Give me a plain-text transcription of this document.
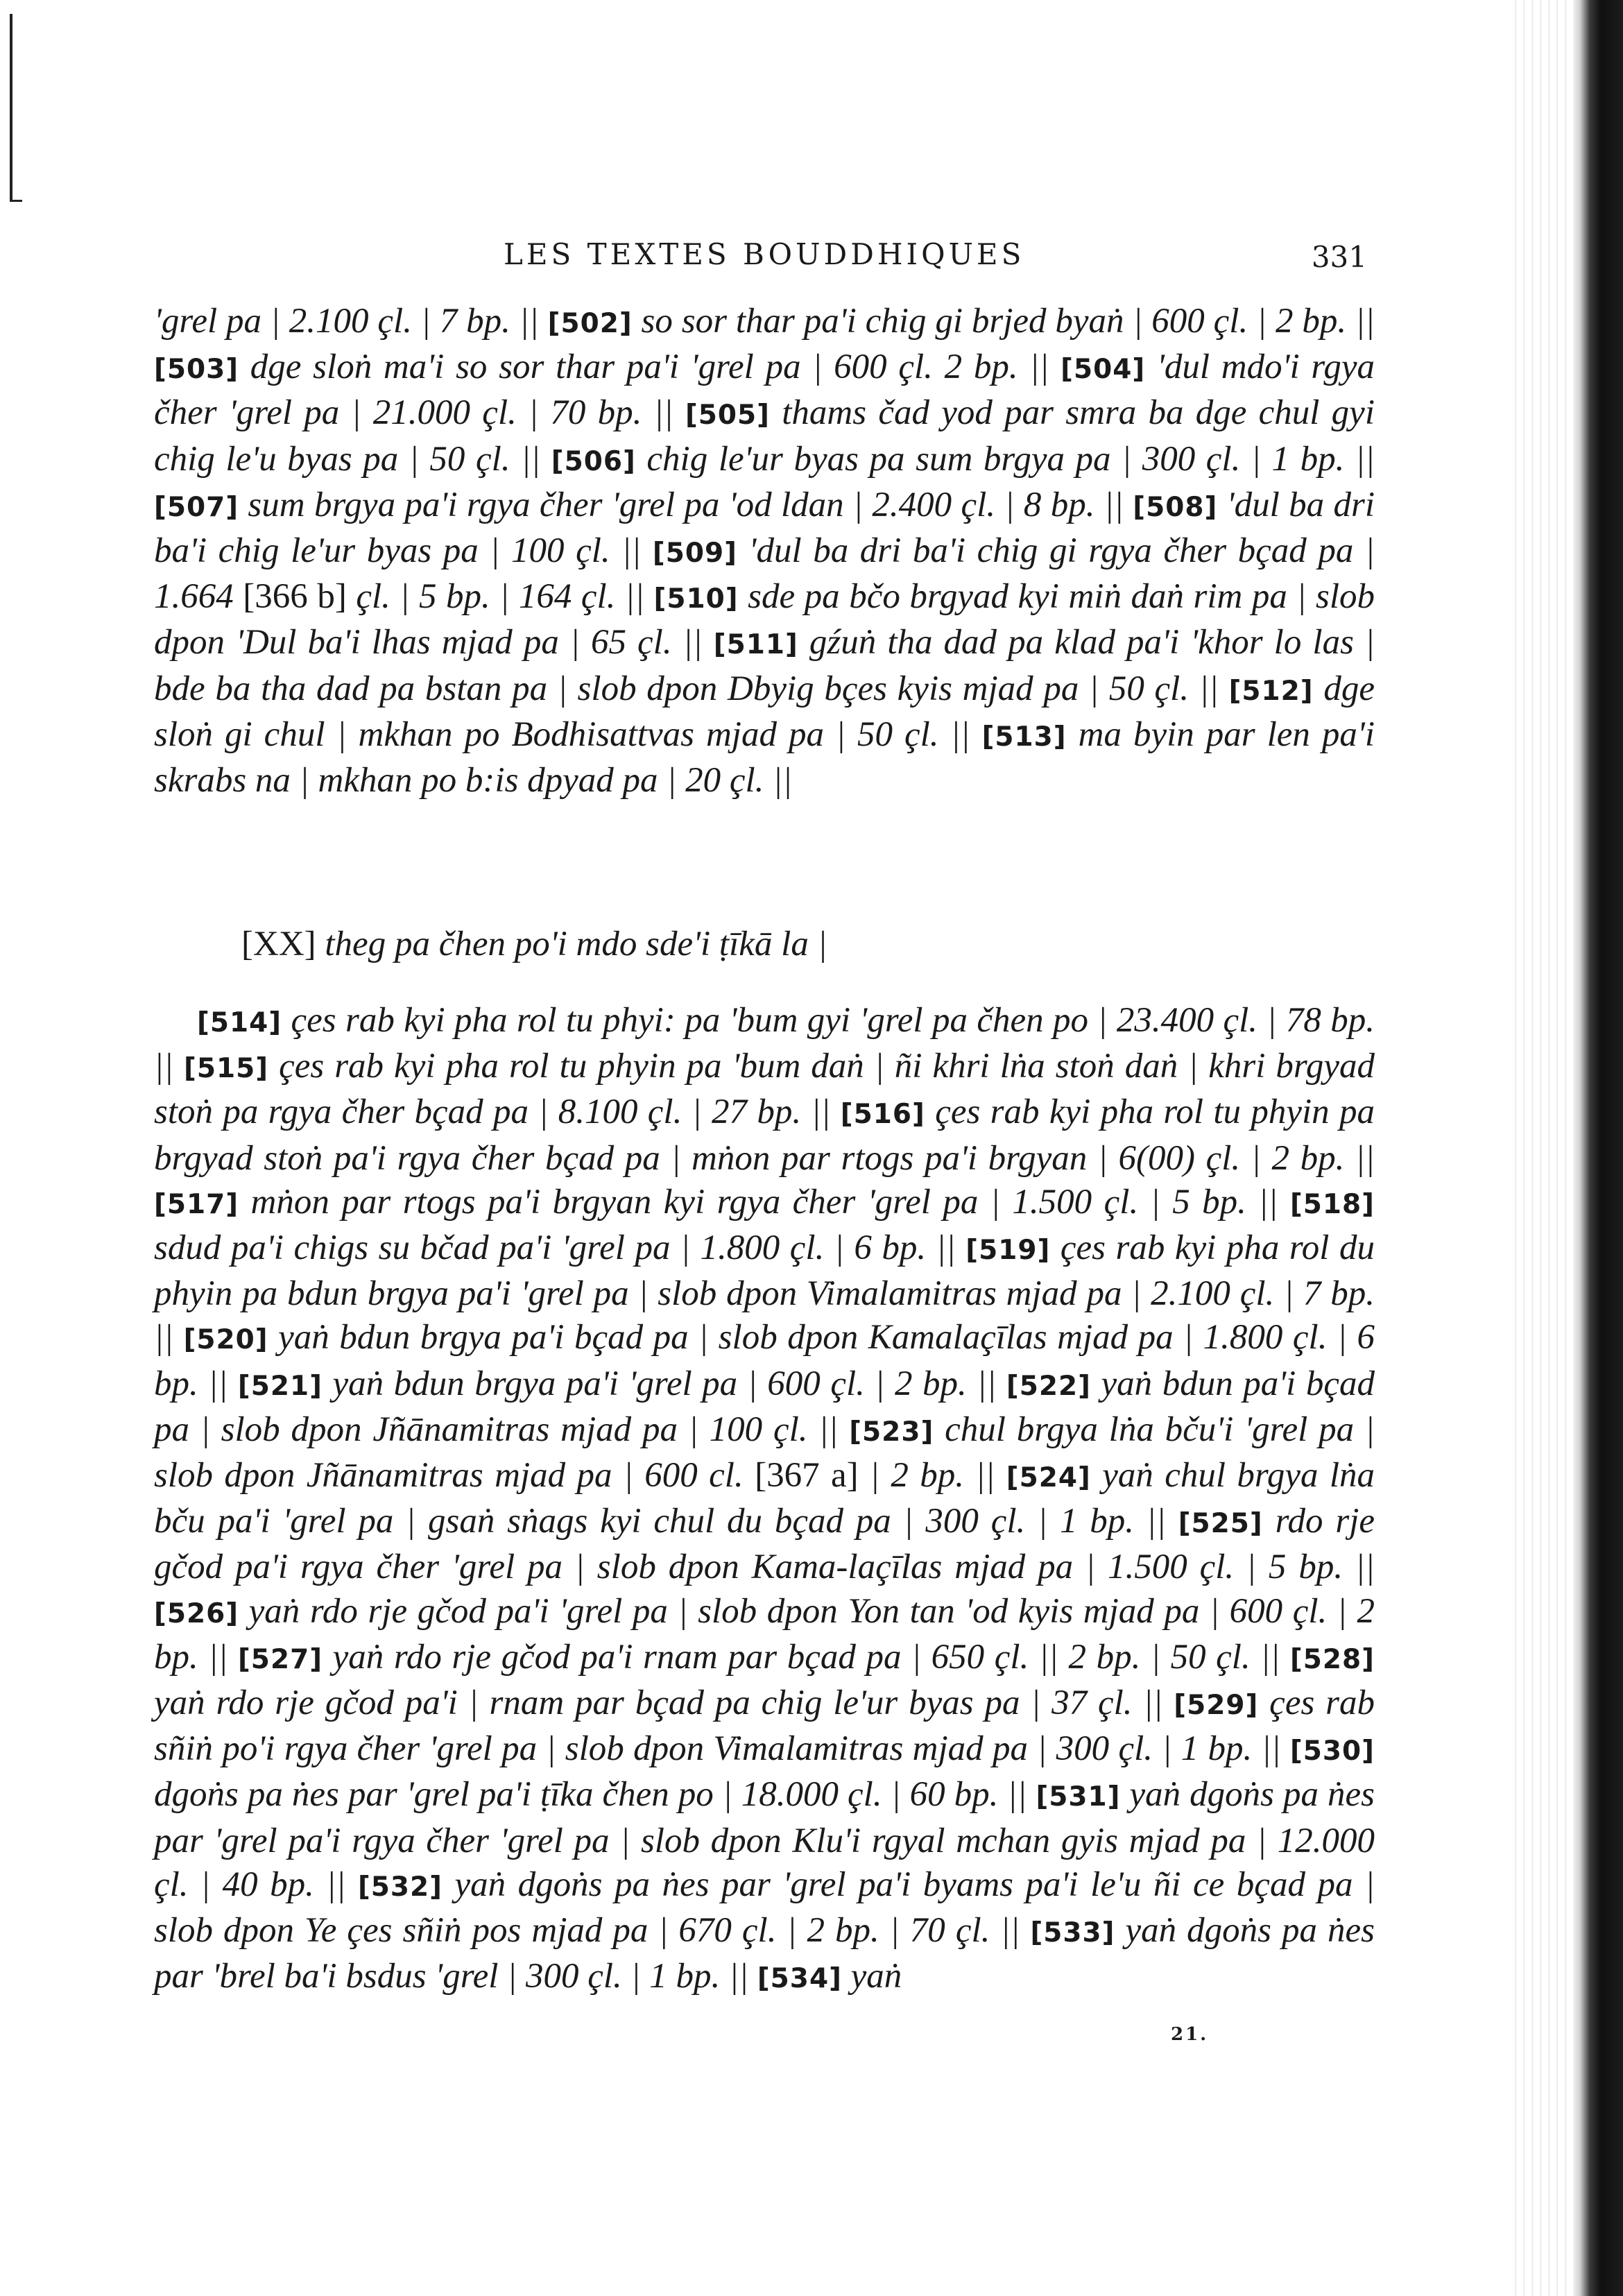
LES TEXTES BOUDDHIQUES	331
'grel pa | 2.100 çl. | 7 bp. || [502] so sor thar pa'i chig gi brjed byaṅ | 600 çl. | 2 bp. || [503] dge sloṅ ma'i so sor thar pa'i 'grel pa | 600 çl. 2 bp. || [504] 'dul mdo'i rgya čher 'grel pa | 21.000 çl. | 70 bp. || [505] thams čad yod par smra ba dge chul gyi chig le'u byas pa | 50 çl. || [506] chig le'ur byas pa sum brgya pa | 300 çl. | 1 bp. || [507] sum brgya pa'i rgya čher 'grel pa 'od ldan | 2.400 çl. | 8 bp. || [508] 'dul ba dri ba'i chig le'ur byas pa | 100 çl. || [509] 'dul ba dri ba'i chig gi rgya čher bçad pa | 1.664 [366 b] çl. | 5 bp. | 164 çl. || [510] sde pa bčo brgyad kyi miṅ daṅ rim pa | slob dpon 'Dul ba'i lhas mjad pa | 65 çl. || [511] gźuṅ tha dad pa klad pa'i 'khor lo las | bde ba tha dad pa bstan pa | slob dpon Dbyig bçes kyis mjad pa | 50 çl. || [512] dge sloṅ gi chul | mkhan po Bodhisattvas mjad pa | 50 çl. || [513] ma byin par len pa'i skrabs na | mkhan po b:is dpyad pa | 20 çl. ||
[XX] theg pa čhen po'i mdo sde'i ṭīkā la |
[514] çes rab kyi pha rol tu phyi: pa 'bum gyi 'grel pa čhen po | 23.400 çl. | 78 bp. || [515] çes rab kyi pha rol tu phyin pa 'bum daṅ | ñi khri lṅa stoṅ daṅ | khri brgyad stoṅ pa rgya čher bçad pa | 8.100 çl. | 27 bp. || [516] çes rab kyi pha rol tu phyin pa brgyad stoṅ pa'i rgya čher bçad pa | mṅon par rtogs pa'i brgyan | 6(00) çl. | 2 bp. || [517] mṅon par rtogs pa'i brgyan kyi rgya čher 'grel pa | 1.500 çl. | 5 bp. || [518] sdud pa'i chigs su bčad pa'i 'grel pa | 1.800 çl. | 6 bp. || [519] çes rab kyi pha rol du phyin pa bdun brgya pa'i 'grel pa | slob dpon Vimalamitras mjad pa | 2.100 çl. | 7 bp. || [520] yaṅ bdun brgya pa'i bçad pa | slob dpon Kamalaçīlas mjad pa | 1.800 çl. | 6 bp. || [521] yaṅ bdun brgya pa'i 'grel pa | 600 çl. | 2 bp. || [522] yaṅ bdun pa'i bçad pa | slob dpon Jñānamitras mjad pa | 100 çl. || [523] chul brgya lṅa bču'i 'grel pa | slob dpon Jñānamitras mjad pa | 600 cl. [367 a] | 2 bp. || [524] yaṅ chul brgya lṅa bču pa'i 'grel pa | gsaṅ sṅags kyi chul du bçad pa | 300 çl. | 1 bp. || [525] rdo rje gčod pa'i rgya čher 'grel pa | slob dpon Kama-laçīlas mjad pa | 1.500 çl. | 5 bp. || [526] yaṅ rdo rje gčod pa'i 'grel pa | slob dpon Yon tan 'od kyis mjad pa | 600 çl. | 2 bp. || [527] yaṅ rdo rje gčod pa'i rnam par bçad pa | 650 çl. || 2 bp. | 50 çl. || [528] yaṅ rdo rje gčod pa'i | rnam par bçad pa chig le'ur byas pa | 37 çl. || [529] çes rab sñiṅ po'i rgya čher 'grel pa | slob dpon Vimalamitras mjad pa | 300 çl. | 1 bp. || [530] dgoṅs pa ṅes par 'grel pa'i ṭīka čhen po | 18.000 çl. | 60 bp. || [531] yaṅ dgoṅs pa ṅes par 'grel pa'i rgya čher 'grel pa | slob dpon Klu'i rgyal mchan gyis mjad pa | 12.000 çl. | 40 bp. || [532] yaṅ dgoṅs pa ṅes par 'grel pa'i byams pa'i le'u ñi ce bçad pa | slob dpon Ye çes sñiṅ pos mjad pa | 670 çl. | 2 bp. | 70 çl. || [533] yaṅ dgoṅs pa ṅes par 'brel ba'i bsdus 'grel | 300 çl. | 1 bp. || [534] yaṅ
21.
